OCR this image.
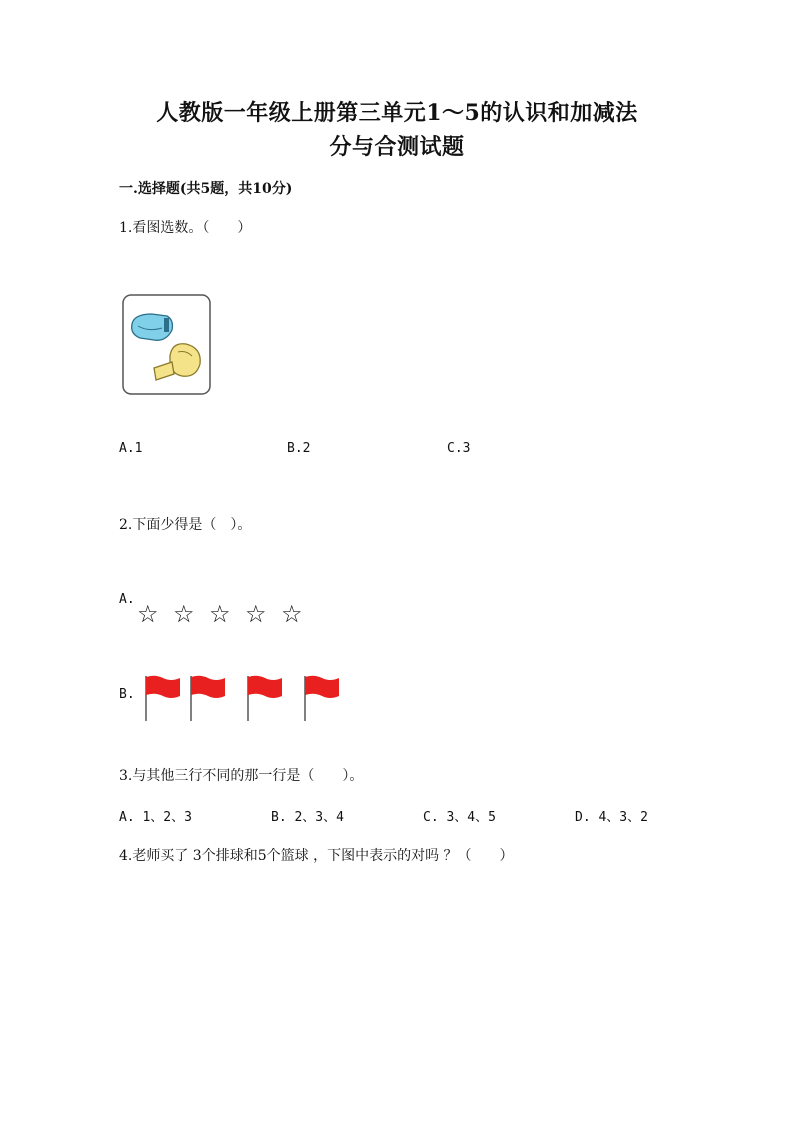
人教版一年级上册第三单元1～5的认识和加减法
分与合测试题
一.选择题(共5题，共10分)
1.看图选数。（　　）
A.1	B.2	C.3
2.下面少得是（　）。
A.
☆ ☆ ☆ ☆ ☆
B.
3.与其他三行不同的那一行是（　　）。
A. 1、2、3	B. 2、3、4	C. 3、4、5	D. 4、3、2
4.老师买了 3个排球和5个篮球 ，下图中表示的对吗 ？（　　）
